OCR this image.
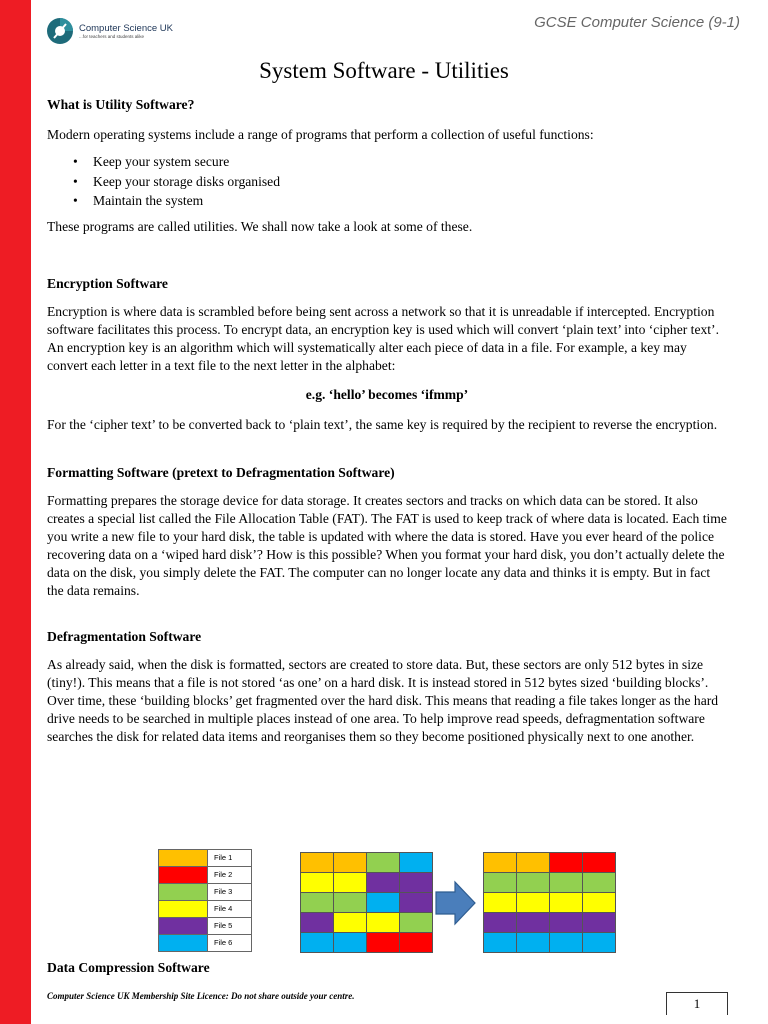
Computer Science UK
...for teachers and students alike
GCSE Computer Science (9-1)
System Software - Utilities
What is Utility Software?

Modern operating systems include a range of programs that perform a collection of useful functions:

• Keep your system secure
• Keep your storage disks organised
• Maintain the system

These programs are called utilities. We shall now take a look at some of these.

Encryption Software

Encryption is where data is scrambled before being sent across a network so that it is unreadable if intercepted. Encryption software facilitates this process. To encrypt data, an encryption key is used which will convert ‘plain text’ into ‘cipher text’. An encryption key is an algorithm which will systematically alter each piece of data in a file. For example, a key may convert each letter in a text file to the next letter in the alphabet:

e.g. ‘hello’ becomes ‘ifmmp’

For the ‘cipher text’ to be converted back to ‘plain text’, the same key is required by the recipient to reverse the encryption.

Formatting Software (pretext to Defragmentation Software)

Formatting prepares the storage device for data storage. It creates sectors and tracks on which data can be stored. It also creates a special list called the File Allocation Table (FAT). The FAT is used to keep track of where data is located. Each time you write a new file to your hard disk, the table is updated with where the data is stored. Have you ever heard of the police recovering data on a ‘wiped hard disk’? How is this possible? When you format your hard disk, you don’t actually delete the data on the disk, you simply delete the FAT. The computer can no longer locate any data and thinks it is empty. But in fact the data remains.

Defragmentation Software

As already said, when the disk is formatted, sectors are created to store data. But, these sectors are only 512 bytes in size (tiny!). This means that a file is not stored ‘as one’ on a hard disk. It is instead stored in 512 bytes sized ‘building blocks’. Over time, these ‘building blocks’ get fragmented over the hard disk. This means that reading a file takes longer as the hard drive needs to be searched in multiple places instead of one area. To help improve read speeds, defragmentation software searches the disk for related data items and reorganises them so they become positioned physically next to one another.

File 1
File 2
File 3
File 4
File 5
File 6
Data Compression Software
Computer Science UK Membership Site Licence: Do not share outside your centre.	1
